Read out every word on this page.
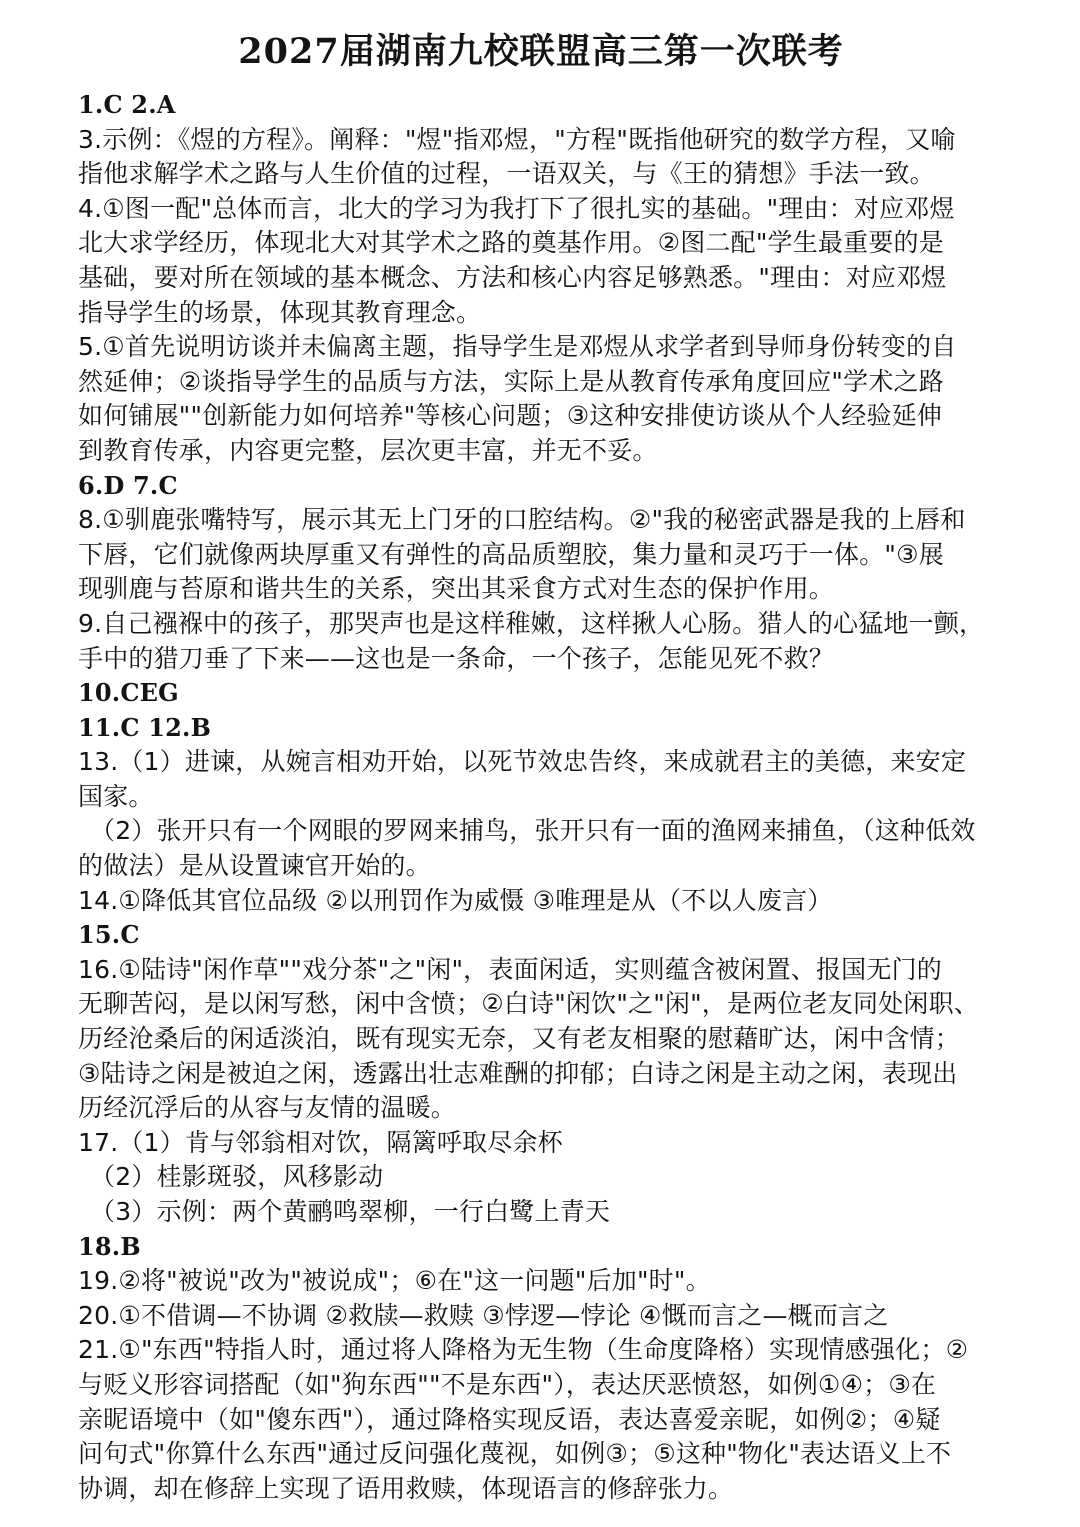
2027届湖南九校联盟高三第一次联考
1.C 2.A
3.示例：《煜的方程》。阐释："煜"指邓煜，"方程"既指他研究的数学方程，又喻
指他求解学术之路与人生价值的过程，一语双关，与《王的猜想》手法一致。
4.①图一配"总体而言，北大的学习为我打下了很扎实的基础。"理由：对应邓煜
北大求学经历，体现北大对其学术之路的奠基作用。②图二配"学生最重要的是
基础，要对所在领域的基本概念、方法和核心内容足够熟悉。"理由：对应邓煜
指导学生的场景，体现其教育理念。
5.①首先说明访谈并未偏离主题，指导学生是邓煜从求学者到导师身份转变的自
然延伸；②谈指导学生的品质与方法，实际上是从教育传承角度回应"学术之路
如何铺展""创新能力如何培养"等核心问题；③这种安排使访谈从个人经验延伸
到教育传承，内容更完整，层次更丰富，并无不妥。
6.D 7.C
8.①驯鹿张嘴特写，展示其无上门牙的口腔结构。②"我的秘密武器是我的上唇和
下唇，它们就像两块厚重又有弹性的高品质塑胶，集力量和灵巧于一体。"③展
现驯鹿与苔原和谐共生的关系，突出其采食方式对生态的保护作用。
9.自己襁褓中的孩子，那哭声也是这样稚嫩，这样揪人心肠。猎人的心猛地一颤，
手中的猎刀垂了下来——这也是一条命，一个孩子，怎能见死不救？
10.CEG
11.C 12.B
13.（1）进谏，从婉言相劝开始，以死节效忠告终，来成就君主的美德，来安定
国家。
（2）张开只有一个网眼的罗网来捕鸟，张开只有一面的渔网来捕鱼，（这种低效
的做法）是从设置谏官开始的。
14.①降低其官位品级 ②以刑罚作为威慑 ③唯理是从（不以人废言）
15.C
16.①陆诗"闲作草""戏分茶"之"闲"，表面闲适，实则蕴含被闲置、报国无门的
无聊苦闷，是以闲写愁，闲中含愤；②白诗"闲饮"之"闲"，是两位老友同处闲职、
历经沧桑后的闲适淡泊，既有现实无奈，又有老友相聚的慰藉旷达，闲中含情；
③陆诗之闲是被迫之闲，透露出壮志难酬的抑郁；白诗之闲是主动之闲，表现出
历经沉浮后的从容与友情的温暖。
17.（1）肯与邻翁相对饮，隔篱呼取尽余杯
（2）桂影斑驳，风移影动
（3）示例：两个黄鹂鸣翠柳，一行白鹭上青天
18.B
19.②将"被说"改为"被说成"；⑥在"这一问题"后加"时"。
20.①不借调—不协调 ②救牍—救赎 ③悖逻—悖论 ④慨而言之—概而言之
21.①"东西"特指人时，通过将人降格为无生物（生命度降格）实现情感强化；②
与贬义形容词搭配（如"狗东西""不是东西"），表达厌恶愤怒，如例①④；③在
亲昵语境中（如"傻东西"），通过降格实现反语，表达喜爱亲昵，如例②；④疑
问句式"你算什么东西"通过反问强化蔑视，如例③；⑤这种"物化"表达语义上不
协调，却在修辞上实现了语用救赎，体现语言的修辞张力。
